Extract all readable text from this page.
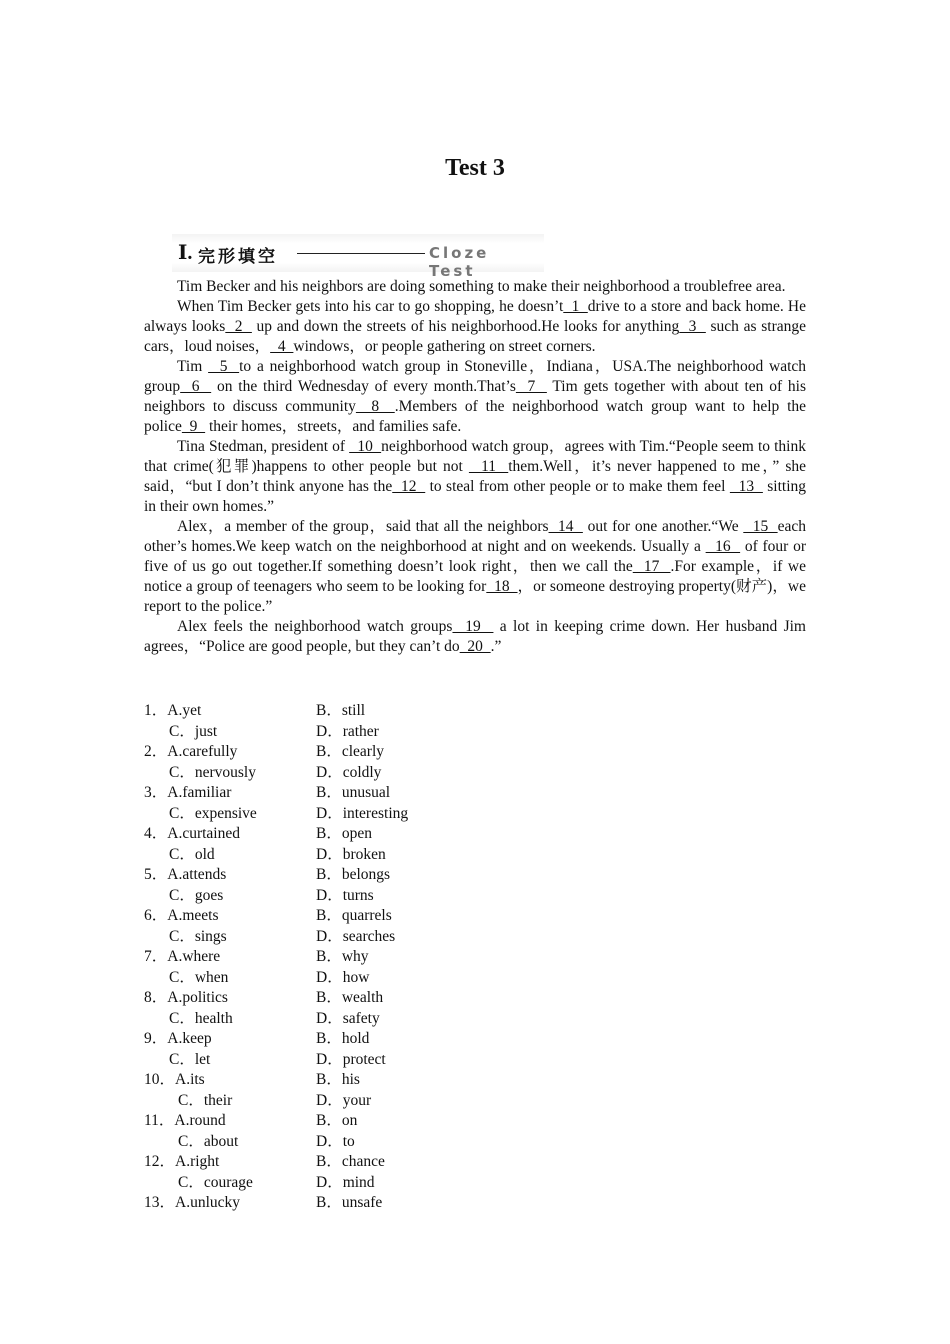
Test 3
Ⅰ. 完形填空	Cloze Test

Tim Becker and his neighbors are doing something to make their neighborhood a troublefree area.

When Tim Becker gets into his car to go shopping, he doesn’t  1  drive to a store and back home. He always looks  2   up and down the streets of his neighborhood.He looks for anything  3   such as strange cars，loud noises，  4  windows，or people gathering on street corners.

Tim   5  to a neighborhood watch group in Stoneville，Indiana，USA.The neighborhood watch group  6   on the third Wednesday of every month.That’s  7   Tim gets together with about ten of his neighbors to discuss community  8  .Members of the neighborhood watch group want to help the police  9   their homes，streets，and families safe.

Tina Stedman, president of   10  neighborhood watch group，agrees with Tim.“People seem to think that crime(犯罪)happens to other people but not   11  them.Well，it’s never happened to me，” she said，“but I don’t think anyone has the  12   to steal from other people or to make them feel   13   sitting in their own homes.”

Alex，a member of the group，said that all the neighbors  14   out for one another.“We   15  each other’s homes.We keep watch on the neighborhood at night and on weekends. Usually a   16   of four or five of us go out together.If something doesn’t look right，then we call the  17  .For example，if we notice a group of teenagers who seem to be looking for  18  ，or someone destroying property(财产)，we report to the police.”

Alex feels the neighborhood watch groups  19   a lot in keeping crime down. Her husband Jim agrees，“Police are good people, but they can’t do  20  .”

1．A.yet	B．still
C．just	D．rather
2．A.carefully	B．clearly
C．nervously	D．coldly
3．A.familiar	B．unusual
C．expensive	D．interesting
4．A.curtained	B．open
C．old	D．broken
5．A.attends	B．belongs
C．goes	D．turns
6．A.meets	B．quarrels
C．sings	D．searches
7．A.where	B．why
C．when	D．how
8．A.politics	B．wealth
C．health	D．safety
9．A.keep	B．hold
C．let	D．protect
10．A.its	B．his
C．their	D．your
11．A.round	B．on
C．about	D．to
12．A.right	B．chance
C．courage	D．mind
13．A.unlucky	B．unsafe
